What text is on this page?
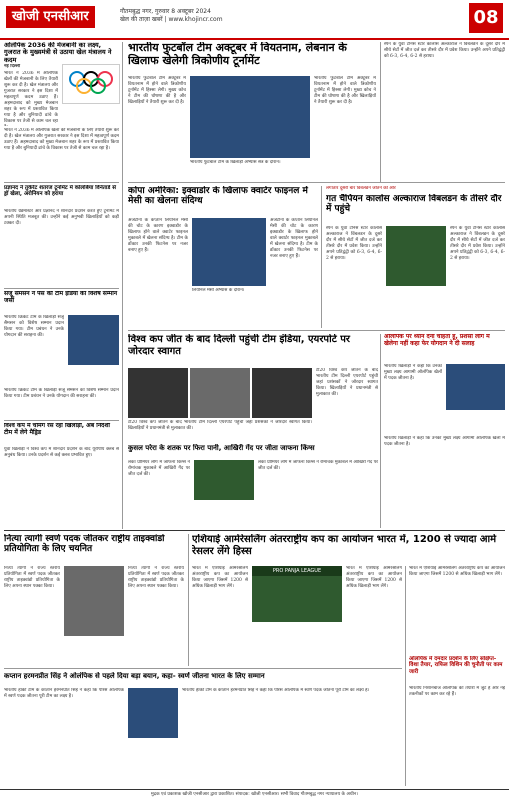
खोजी एनसीआर	गौतमबुद्ध नगर, गुरुवार 8 अक्टूबर 2024
खेल की ताज़ा खबरें | www.khojincr.com	08
ओलंपिक 2036 की मेजबानी का लक्ष्य, गुजरात के मुख्यमंत्री से उठाया खेल मंत्रालय ने कदम
नई दिल्ली
भारत ने 2036 में ओलंपिक खेलों की मेजबानी के लिए तैयारी शुरू कर दी है। खेल मंत्रालय और गुजरात सरकार ने इस दिशा में महत्वपूर्ण कदम उठाए हैं। अहमदाबाद को मुख्य मेजबान शहर के रूप में प्रस्तावित किया गया है और बुनियादी ढांचे के विकास पर तेजी से काम चल रहा
भारत ने 2036 में ओलंपिक खेलों की मेजबानी के लिए तैयारी शुरू कर दी है। खेल मंत्रालय और गुजरात सरकार ने इस दिशा में महत्वपूर्ण कदम उठाए हैं। अहमदाबाद को मुख्य मेजबान शहर के रूप में प्रस्तावित किया गया है और बुनियादी ढांचे के विकास पर तेजी से काम चल रहा है।
प्रज्ञानंद ने तुर्करेट शतरंज टूर्नामेंट में कोलंबिया विनेतार्ड से ड्रॉ खेला, अरोनियन को हराया
भारतीय ग्रैंडमास्टर आर प्रज्ञानंद ने शानदार प्रदर्शन करते हुए टूर्नामेंट में अपनी स्थिति मजबूत की। उन्होंने कई अनुभवी खिलाड़ियों को कड़ी टक्कर दी।
संजू सैमसन ने पेस की टीम इंडिया की विशेष सम्मान जर्सी
भारतीय क्रिकेट टीम के खिलाड़ी संजू सैमसन को विशेष सम्मान प्रदान किया गया। टीम प्रबंधन ने उनके योगदान की सराहना की।
भारतीय क्रिकेट टीम के खिलाड़ी संजू सैमसन को विशेष सम्मान प्रदान किया गया। टीम प्रबंधन ने उनके योगदान की सराहना की।
विश्व कप में चमिंग रस रहा खिलाड़ी, अब निदेशी टीम में लेगे मैड्रिड
युवा खिलाड़ी ने विश्व कप में शानदार प्रदर्शन के बाद यूरोपीय क्लब से अनुबंध किया। उनके प्रदर्शन से कई क्लब प्रभावित हुए।
भारतीय फुटबॉल टीम अक्टूबर में वियतनाम, लेबनान के खिलाफ खेलेगी त्रिकोणीय टूर्नामेंट
भारतीय फुटबॉल टीम अक्टूबर में वियतनाम में होने वाले त्रिकोणीय टूर्नामेंट में हिस्सा लेगी। मुख्य कोच ने टीम की घोषणा की है और खिलाड़ियों ने तैयारी शुरू कर दी है।
भारतीय फुटबॉल टीम के खिलाड़ी अभ्यास सत्र के दौरान।
भारतीय फुटबॉल टीम अक्टूबर में वियतनाम में होने वाले त्रिकोणीय टूर्नामेंट में हिस्सा लेगी। मुख्य कोच ने टीम की घोषणा की है और खिलाड़ियों ने तैयारी शुरू कर दी है।
स्पेन के युवा टेनिस स्टार कार्लोस अल्काराज ने विंबलडन के दूसरे दौर में सीधे सेटों में जीत दर्ज कर तीसरे दौर में प्रवेश किया। उन्होंने अपने प्रतिद्वंद्वी को 6-3, 6-4, 6-2 से हराया।
कोपा अमेरिका: इक्वाडोर के खिलाफ क्वार्टर फाइनल में मेसी का खेलना संदिग्ध
अर्जेंटीना के कप्तान लियोनल मेसी की चोट के कारण इक्वाडोर के खिलाफ होने वाले क्वार्टर फाइनल मुकाबले में खेलना संदिग्ध है। टीम के डॉक्टर उनकी फिटनेस पर नजर बनाए हुए हैं।
अर्जेंटीना के कप्तान लियोनल मेसी की चोट के कारण इक्वाडोर के खिलाफ होने वाले क्वार्टर फाइनल मुकाबले में खेलना संदिग्ध है। टीम के डॉक्टर उनकी फिटनेस पर नजर बनाए हुए हैं।
लियोनल मेसी अभ्यास के दौरान।
लगातार दूसरी बार विंबलडन जीतने की ओर
गत चैंपियन कार्लोस अल्काराज विंबलडन के तीसरे दौर में पहुंचे
स्पेन के युवा टेनिस स्टार कार्लोस अल्काराज ने विंबलडन के दूसरे दौर में सीधे सेटों में जीत दर्ज कर तीसरे दौर में प्रवेश किया। उन्होंने अपने प्रतिद्वंद्वी को 6-3, 6-4, 6-2 से हराया।
स्पेन के युवा टेनिस स्टार कार्लोस अल्काराज ने विंबलडन के दूसरे दौर में सीधे सेटों में जीत दर्ज कर तीसरे दौर में प्रवेश किया। उन्होंने अपने प्रतिद्वंद्वी को 6-3, 6-4, 6-2 से हराया।
विश्व कप जीत के बाद दिल्ली पहुंची टीम इंडिया, एयरपोर्ट पर जोरदार स्वागत
टी20 विश्व कप जीतने के बाद भारतीय टीम दिल्ली एयरपोर्ट पहुंची जहां प्रशंसकों ने जोरदार स्वागत किया। खिलाड़ियों ने प्रधानमंत्री से मुलाकात की।
टी20 विश्व कप जीतने के बाद भारतीय टीम दिल्ली एयरपोर्ट पहुंची जहां प्रशंसकों ने जोरदार स्वागत किया। खिलाड़ियों ने प्रधानमंत्री से मुलाकात की।
कुसल परेरा के शतक पर फिरा पानी, आखिरी गेंद पर जीता जाफना किंग्स
लंका प्रीमियर लीग में जाफना किंग्स ने रोमांचक मुकाबले में आखिरी गेंद पर जीत दर्ज की।
लंका प्रीमियर लीग में जाफना किंग्स ने रोमांचक मुकाबले में आखिरी गेंद पर जीत दर्ज की।
ओलंपिक पर ध्यान देना चाहता हूँ, प्रशंसा लीग में खेलेगा नहीं कहा फेर योगदान ने दी सलाह
भारतीय खिलाड़ी ने कहा कि उनका मुख्य लक्ष्य आगामी ओलंपिक खेलों में पदक जीतना है।
भारतीय खिलाड़ी ने कहा कि उनका मुख्य लक्ष्य आगामी ओलंपिक खेलों में पदक जीतना है।
नित्या त्यागी स्वर्ण पदक जीतकर राष्ट्रीय ताइक्वांडो प्रतियोगिता के लिए चयनित
नित्या त्यागी ने राज्य स्तरीय प्रतियोगिता में स्वर्ण पदक जीतकर राष्ट्रीय ताइक्वांडो प्रतियोगिता के लिए अपना स्थान पक्का किया।
नित्या त्यागी ने राज्य स्तरीय प्रतियोगिता में स्वर्ण पदक जीतकर राष्ट्रीय ताइक्वांडो प्रतियोगिता के लिए अपना स्थान पक्का किया।
एशियाई आर्मरेसलिंग अंतरराष्ट्रीय कप का आयोजन भारत में, 1200 से ज्यादा आर्म रेसलर लेंगे हिस्स
भारत में एशियाई आर्मरेसलिंग अंतरराष्ट्रीय कप का आयोजन किया जाएगा जिसमें 1200 से अधिक खिलाड़ी भाग लेंगे।
PRO PANJA LEAGUE	भारत में एशियाई आर्मरेसलिंग अंतरराष्ट्रीय कप का आयोजन किया जाएगा जिसमें 1200 से अधिक खिलाड़ी भाग लेंगे।
ओलंपिक में दमदार प्रदर्शन के लिए संक्षिप्त-विशा तैयार, राफिल विशिन की चुनौती पर काम जारी
भारतीय निशानेबाज ओलंपिक की तैयारी में जुटे हैं और नई तकनीकों पर काम कर रहे हैं।
भारत में एशियाई आर्मरेसलिंग अंतरराष्ट्रीय कप का आयोजन किया जाएगा जिसमें 1200 से अधिक खिलाड़ी भाग लेंगे।
कप्तान हरमनप्रीत सिंह ने ओलंपिक से पहले दिया बड़ा बयान, कहा- स्वर्ण जीतना भारत के लिए सम्मान
भारतीय हॉकी टीम के कप्तान हरमनप्रीत सिंह ने कहा कि पेरिस ओलंपिक में स्वर्ण पदक जीतना पूरी टीम का लक्ष्य है।
भारतीय हॉकी टीम के कप्तान हरमनप्रीत सिंह ने कहा कि पेरिस ओलंपिक में स्वर्ण पदक जीतना पूरी टीम का लक्ष्य है।
मुद्रक एवं प्रकाशक खोजी एनसीआर द्वारा प्रकाशित। संपादक: खोजी एनसीआर। सभी विवाद गौतमबुद्ध नगर न्यायालय के अधीन।
